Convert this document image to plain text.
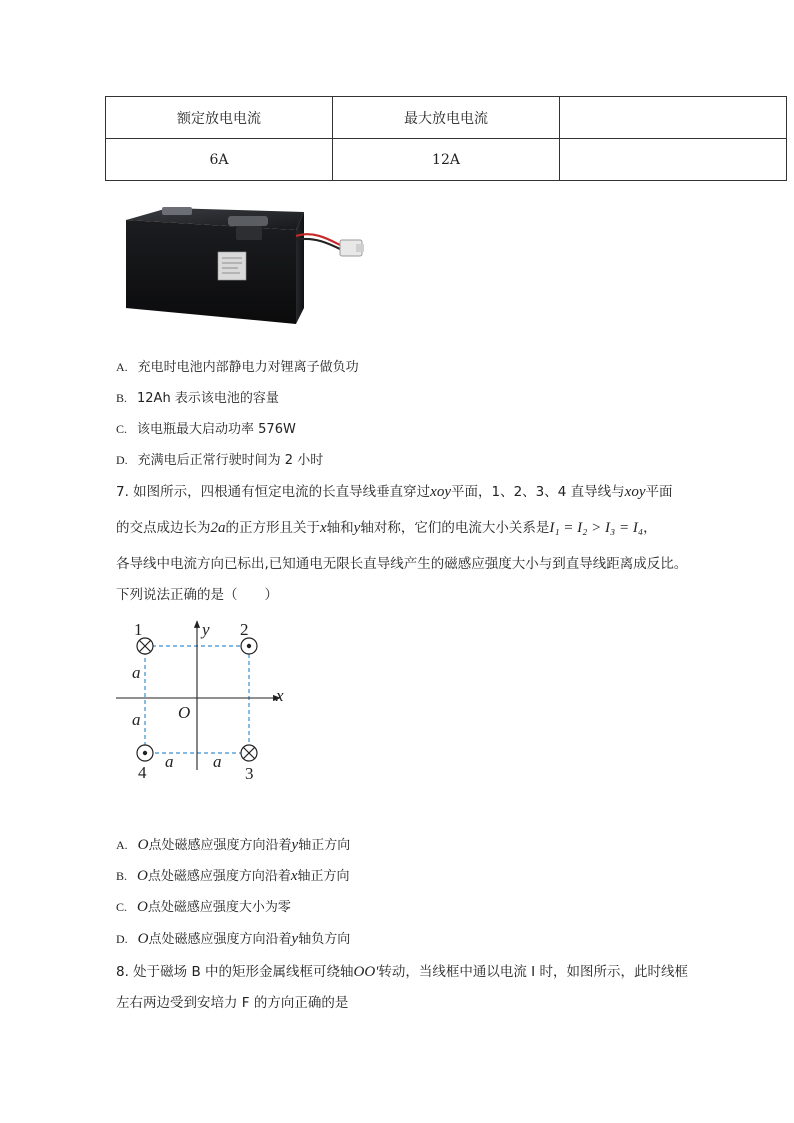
额定放电电流	最大放电电流	
6A	12A	
A. 充电时电池内部静电力对锂离子做负功
B. 12Ah 表示该电池的容量
C. 该电瓶最大启动功率 576W
D. 充满电后正常行驶时间为 2 小时
7. 如图所示，四根通有恒定电流的长直导线垂直穿过xoy平面，1、2、3、4 直导线与xoy平面
的交点成边长为2a的正方形且关于x轴和y轴对称，它们的电流大小关系是I₁ = I₂ > I₃ = I₄，
各导线中电流方向已标出,已知通电无限长直导线产生的磁感应强度大小与到直导线距离成反比。
下列说法正确的是（　　）
1	2
3
4
y
x
O
a
a
a a
A. O点处磁感应强度方向沿着y轴正方向
B. O点处磁感应强度方向沿着x轴正方向
C. O点处磁感应强度大小为零
D. O点处磁感应强度方向沿着y轴负方向
8. 处于磁场 B 中的矩形金属线框可绕轴OO'转动，当线框中通以电流 I 时，如图所示，此时线框
左右两边受到安培力 F 的方向正确的是
